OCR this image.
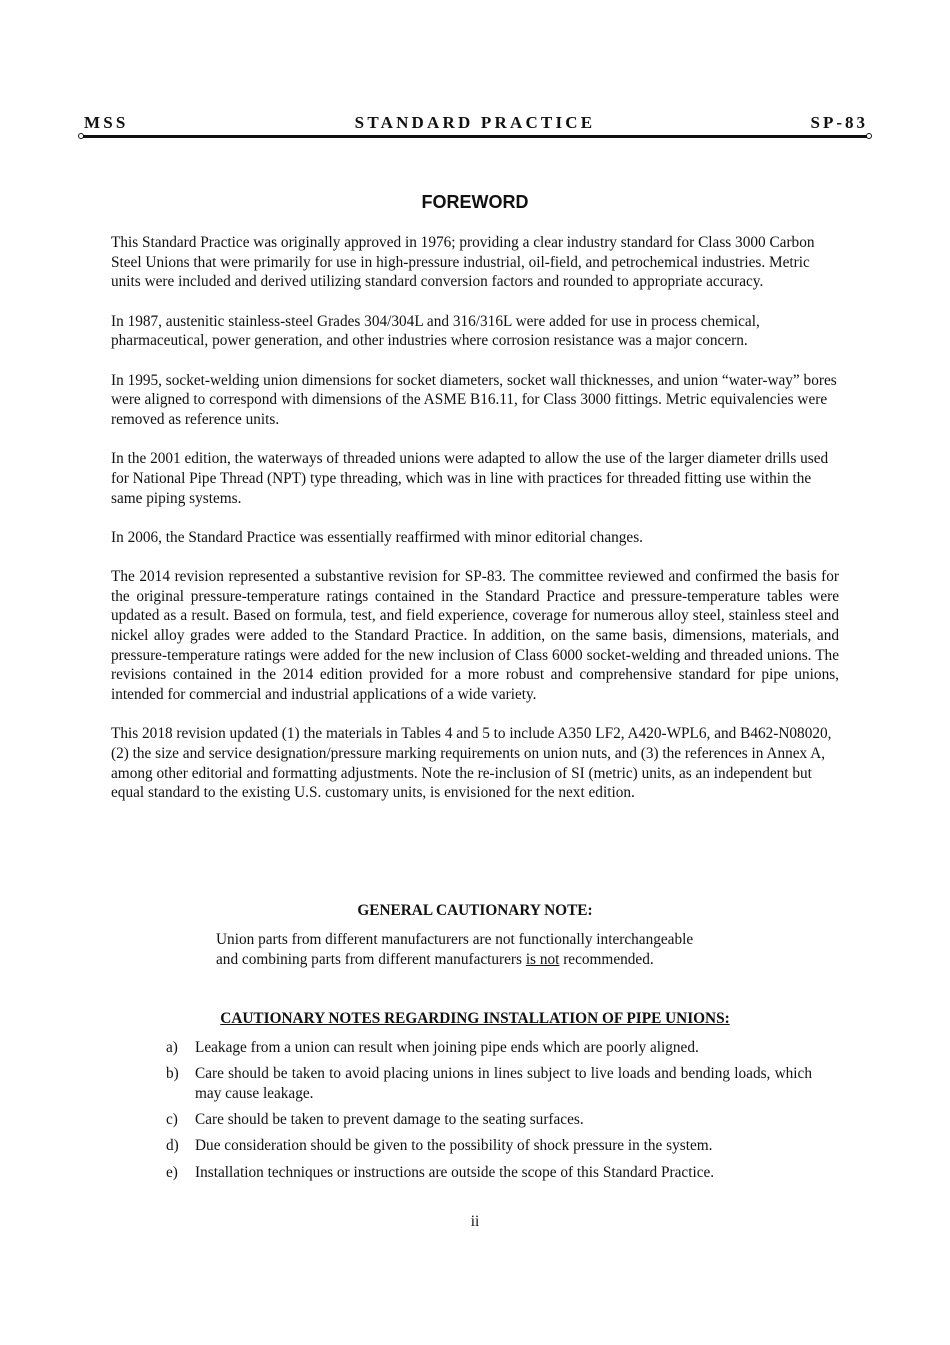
MSS	STANDARD PRACTICE	SP-83
FOREWORD

This Standard Practice was originally approved in 1976; providing a clear industry standard for Class 3000 Carbon Steel Unions that were primarily for use in high-pressure industrial, oil-field, and petrochemical industries. Metric units were included and derived utilizing standard conversion factors and rounded to appropriate accuracy.

In 1987, austenitic stainless-steel Grades 304/304L and 316/316L were added for use in process chemical, pharmaceutical, power generation, and other industries where corrosion resistance was a major concern.

In 1995, socket-welding union dimensions for socket diameters, socket wall thicknesses, and union “water-way” bores were aligned to correspond with dimensions of the ASME B16.11, for Class 3000 fittings. Metric equivalencies were removed as reference units.

In the 2001 edition, the waterways of threaded unions were adapted to allow the use of the larger diameter drills used for National Pipe Thread (NPT) type threading, which was in line with practices for threaded fitting use within the same piping systems.

In 2006, the Standard Practice was essentially reaffirmed with minor editorial changes.

The 2014 revision represented a substantive revision for SP-83. The committee reviewed and confirmed the basis for the original pressure-temperature ratings contained in the Standard Practice and pressure-temperature tables were updated as a result. Based on formula, test, and field experience, coverage for numerous alloy steel, stainless steel and nickel alloy grades were added to the Standard Practice. In addition, on the same basis, dimensions, materials, and pressure-temperature ratings were added for the new inclusion of Class 6000 socket-welding and threaded unions. The revisions contained in the 2014 edition provided for a more robust and comprehensive standard for pipe unions, intended for commercial and industrial applications of a wide variety.

This 2018 revision updated (1) the materials in Tables 4 and 5 to include A350 LF2, A420-WPL6, and B462-N08020, (2) the size and service designation/pressure marking requirements on union nuts, and (3) the references in Annex A, among other editorial and formatting adjustments. Note the re-inclusion of SI (metric) units, as an independent but equal standard to the existing U.S. customary units, is envisioned for the next edition.

GENERAL CAUTIONARY NOTE:
Union parts from different manufacturers are not functionally interchangeable
and combining parts from different manufacturers is not recommended.
CAUTIONARY NOTES REGARDING INSTALLATION OF PIPE UNIONS:
a) Leakage from a union can result when joining pipe ends which are poorly aligned.
b) Care should be taken to avoid placing unions in lines subject to live loads and bending loads, which may cause leakage.
c) Care should be taken to prevent damage to the seating surfaces.
d) Due consideration should be given to the possibility of shock pressure in the system.
e) Installation techniques or instructions are outside the scope of this Standard Practice.
ii
